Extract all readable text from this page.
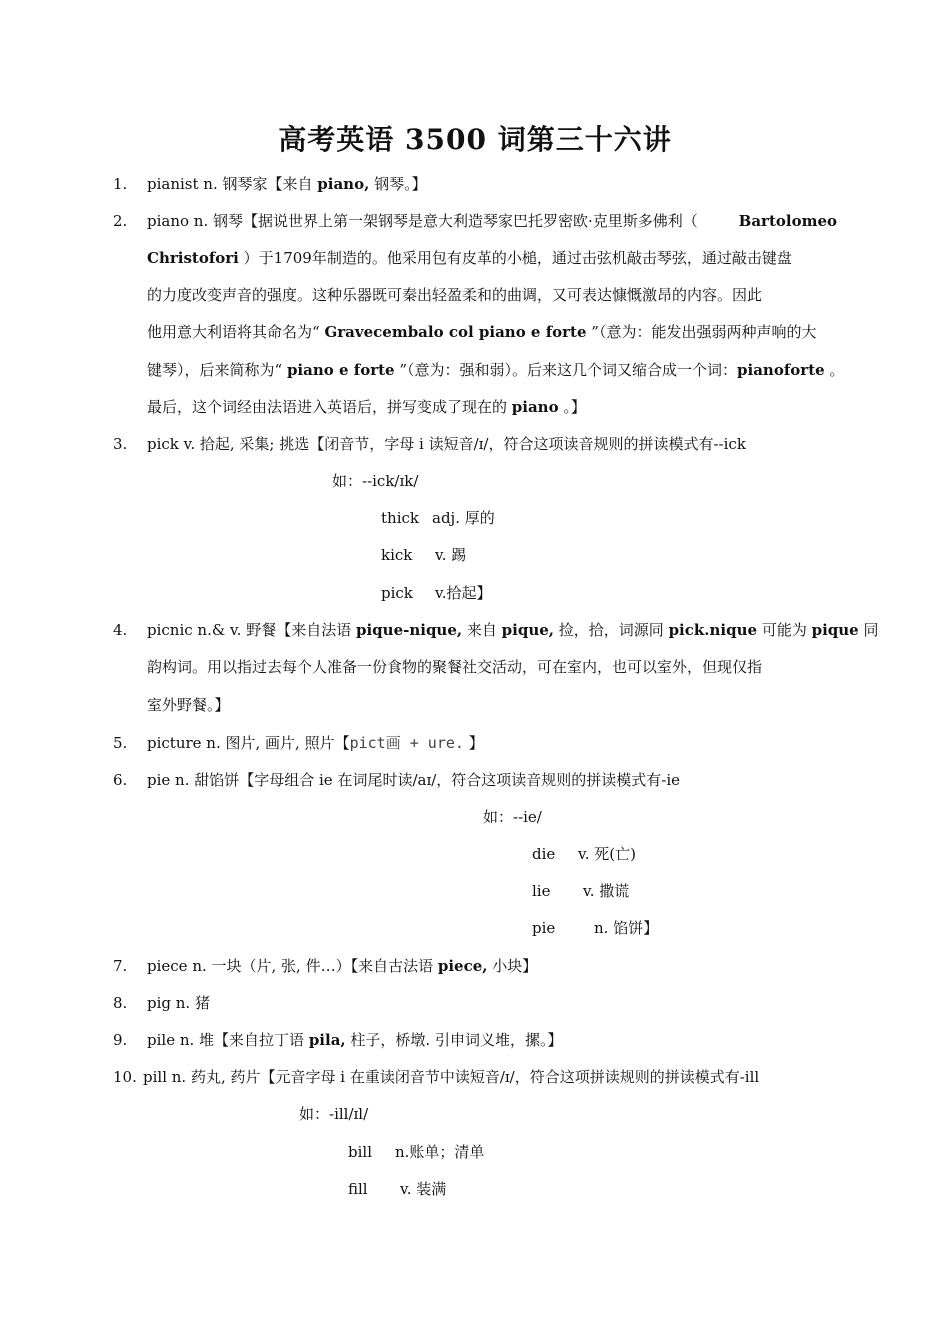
高考英语 3500 词第三十六讲
1. pianist n. 钢琴家【来自 piano, 钢琴。】
2. piano n. 钢琴【据说世界上第一架钢琴是意大利造琴家巴托罗密欧·克里斯多佛利（	Bartolomeo
Christofori ）于1709年制造的。他采用包有皮革的小槌，通过击弦机敲击琴弦，通过敲击键盘
的力度改变声音的强度。这种乐器既可秦出轻盈柔和的曲调，又可表达慷慨激昂的内容。因此
他用意大利语将其命名为“ Gravecembalo col piano e forte ”（意为：能发出强弱两种声响的大
键琴），后来简称为“ piano e forte ”（意为：强和弱）。后来这几个词又缩合成一个词：pianoforte 。
最后，这个词经由法语进入英语后，拼写变成了现在的 piano 。】
3. pick v. 拾起, 采集; 挑选【闭音节，字母 i 读短音/ɪ/，符合这项读音规则的拼读模式有--ick
如：--ick/ɪk/
thick adj. 厚的
kick v. 踢
pick v.拾起】
4. picnic n.& v. 野餐【来自法语 pique-nique, 来自 pique, 捡，拾，词源同 pick.nique 可能为 pique 同
韵构词。用以指过去每个人准备一份食物的聚餐社交活动，可在室内，也可以室外，但现仅指
室外野餐。】
5. picture n. 图片, 画片, 照片【pict画 + ure. 】
6. pie n. 甜馅饼【字母组合 ie 在词尾时读/aɪ/，符合这项读音规则的拼读模式有-ie
如：--ie/
die v. 死(亡)
lie v. 撒谎
pie	n. 馅饼】
7. piece n. 一块（片, 张, 件…）【来自古法语 piece, 小块】
8. pig n. 猪
9. pile n. 堆【来自拉丁语 pila, 柱子，桥墩. 引申词义堆，摞。】
10. pill n. 药丸, 药片【元音字母 i 在重读闭音节中读短音/ɪ/，符合这项拼读规则的拼读模式有-ill
如：-ill/ɪl/
bill n.账单；清单
fill v. 装满
